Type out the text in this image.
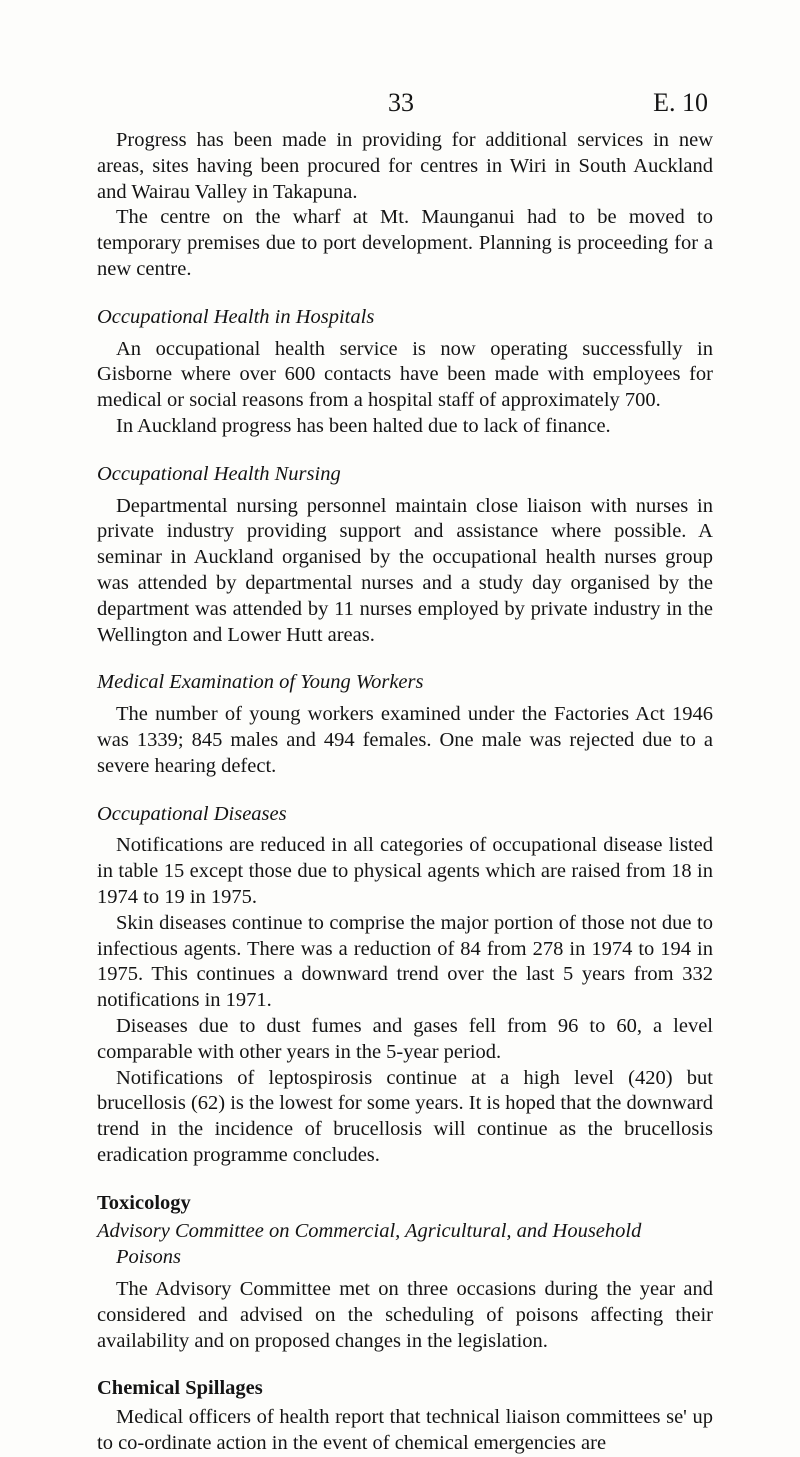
33	E. 10

Progress has been made in providing for additional services in new areas, sites having been procured for centres in Wiri in South Auckland and Wairau Valley in Takapuna.

The centre on the wharf at Mt. Maunganui had to be moved to temporary premises due to port development. Planning is proceeding for a new centre.

Occupational Health in Hospitals

An occupational health service is now operating successfully in Gisborne where over 600 contacts have been made with employees for medical or social reasons from a hospital staff of approximately 700.

In Auckland progress has been halted due to lack of finance.

Occupational Health Nursing

Departmental nursing personnel maintain close liaison with nurses in private industry providing support and assistance where possible. A seminar in Auckland organised by the occupational health nurses group was attended by departmental nurses and a study day organised by the department was attended by 11 nurses employed by private industry in the Wellington and Lower Hutt areas.

Medical Examination of Young Workers

The number of young workers examined under the Factories Act 1946 was 1339; 845 males and 494 females. One male was rejected due to a severe hearing defect.

Occupational Diseases

Notifications are reduced in all categories of occupational disease listed in table 15 except those due to physical agents which are raised from 18 in 1974 to 19 in 1975.

Skin diseases continue to comprise the major portion of those not due to infectious agents. There was a reduction of 84 from 278 in 1974 to 194 in 1975. This continues a downward trend over the last 5 years from 332 notifications in 1971.

Diseases due to dust fumes and gases fell from 96 to 60, a level comparable with other years in the 5-year period.

Notifications of leptospirosis continue at a high level (420) but brucellosis (62) is the lowest for some years. It is hoped that the downward trend in the incidence of brucellosis will continue as the brucellosis eradication programme concludes.

Toxicology
Advisory Committee on Commercial, Agricultural, and Household
Poisons

The Advisory Committee met on three occasions during the year and considered and advised on the scheduling of poisons affecting their availability and on proposed changes in the legislation.

Chemical Spillages

Medical officers of health report that technical liaison committees se' up to co-ordinate action in the event of chemical emergencies are
